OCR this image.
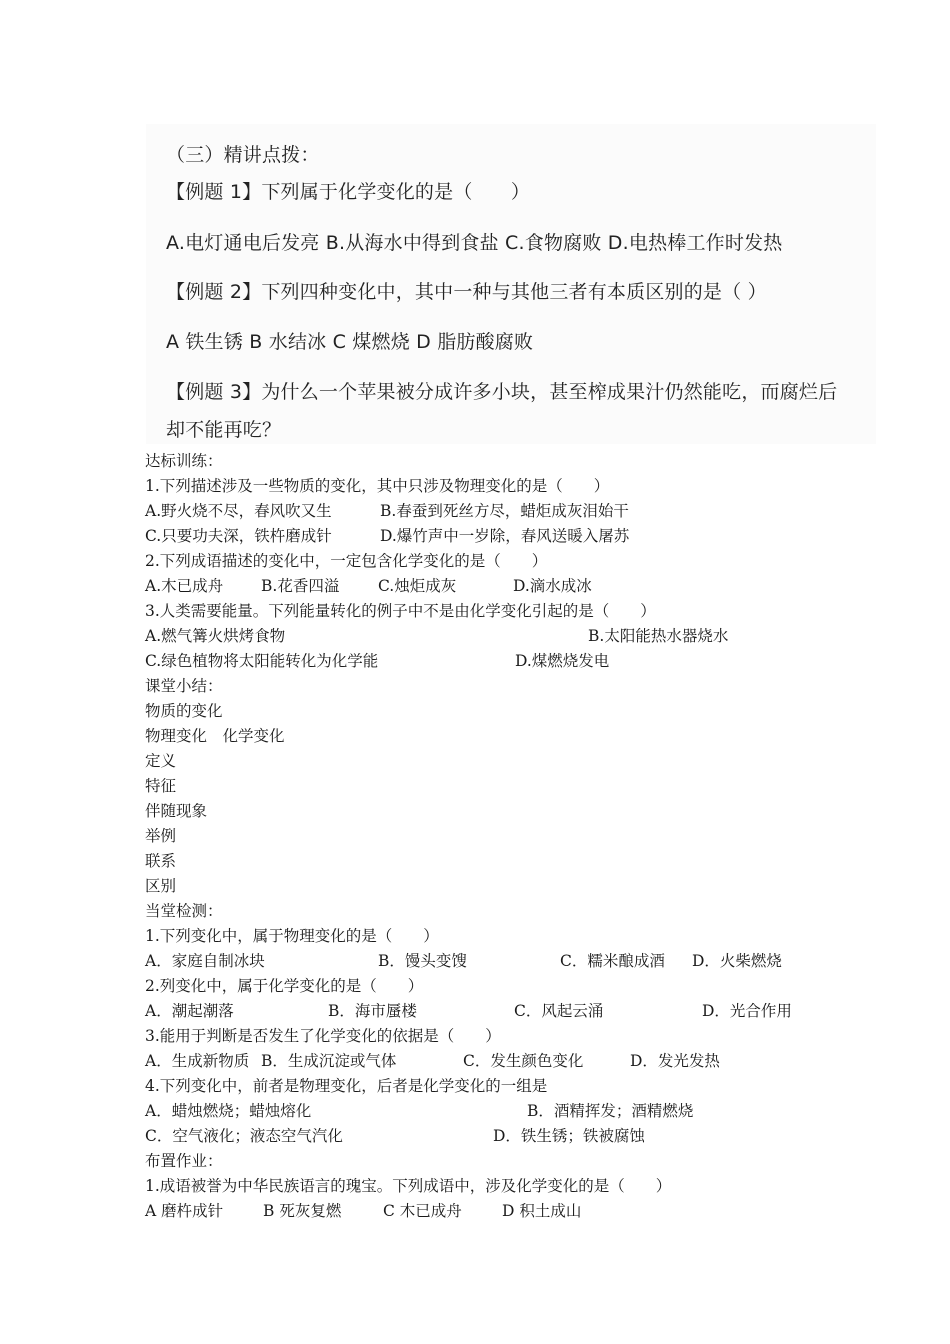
（三）精讲点拨：
【例题 1】下列属于化学变化的是（　　）
A.电灯通电后发亮 B.从海水中得到食盐 C.食物腐败 D.电热棒工作时发热
【例题 2】下列四种变化中，其中一种与其他三者有本质区别的是（ ）
A 铁生锈 B 水结冰 C 煤燃烧 D 脂肪酸腐败
【例题 3】为什么一个苹果被分成许多小块，甚至榨成果汁仍然能吃，而腐烂后
却不能再吃？
达标训练：
1.下列描述涉及一些物质的变化，其中只涉及物理变化的是（　　）
A.野火烧不尽，春风吹又生	B.春蚕到死丝方尽，蜡炬成灰泪始干
C.只要功夫深，铁杵磨成针	D.爆竹声中一岁除，春风送暖入屠苏
2.下列成语描述的变化中，一定包含化学变化的是（　　）
A.木已成舟 B.花香四溢 C.烛炬成灰	D.滴水成冰
3.人类需要能量。下列能量转化的例子中不是由化学变化引起的是（　　）
A.燃气篝火烘烤食物	B.太阳能热水器烧水
C.绿色植物将太阳能转化为化学能	D.煤燃烧发电
课堂小结：
物质的变化
物理变化　化学变化
定义
特征
伴随现象
举例
联系
区别
当堂检测：
1.下列变化中，属于物理变化的是（　　）
A．家庭自制冰块	B．馒头变馊	C．糯米酿成酒 D．火柴燃烧
2.列变化中，属于化学变化的是（　　）
A．潮起潮落	B．海市蜃楼	C．风起云涌	D．光合作用
3.能用于判断是否发生了化学变化的依据是（　　）
A．生成新物质 B．生成沉淀或气体	C．发生颜色变化	D．发光发热
4.下列变化中，前者是物理变化，后者是化学变化的一组是
A．蜡烛燃烧；蜡烛熔化	B．酒精挥发；酒精燃烧
C．空气液化；液态空气汽化	D．铁生锈；铁被腐蚀
布置作业：
1.成语被誉为中华民族语言的瑰宝。下列成语中，涉及化学变化的是（　　）
A 磨杵成针	B 死灰复燃	C 木已成舟	D 积土成山
